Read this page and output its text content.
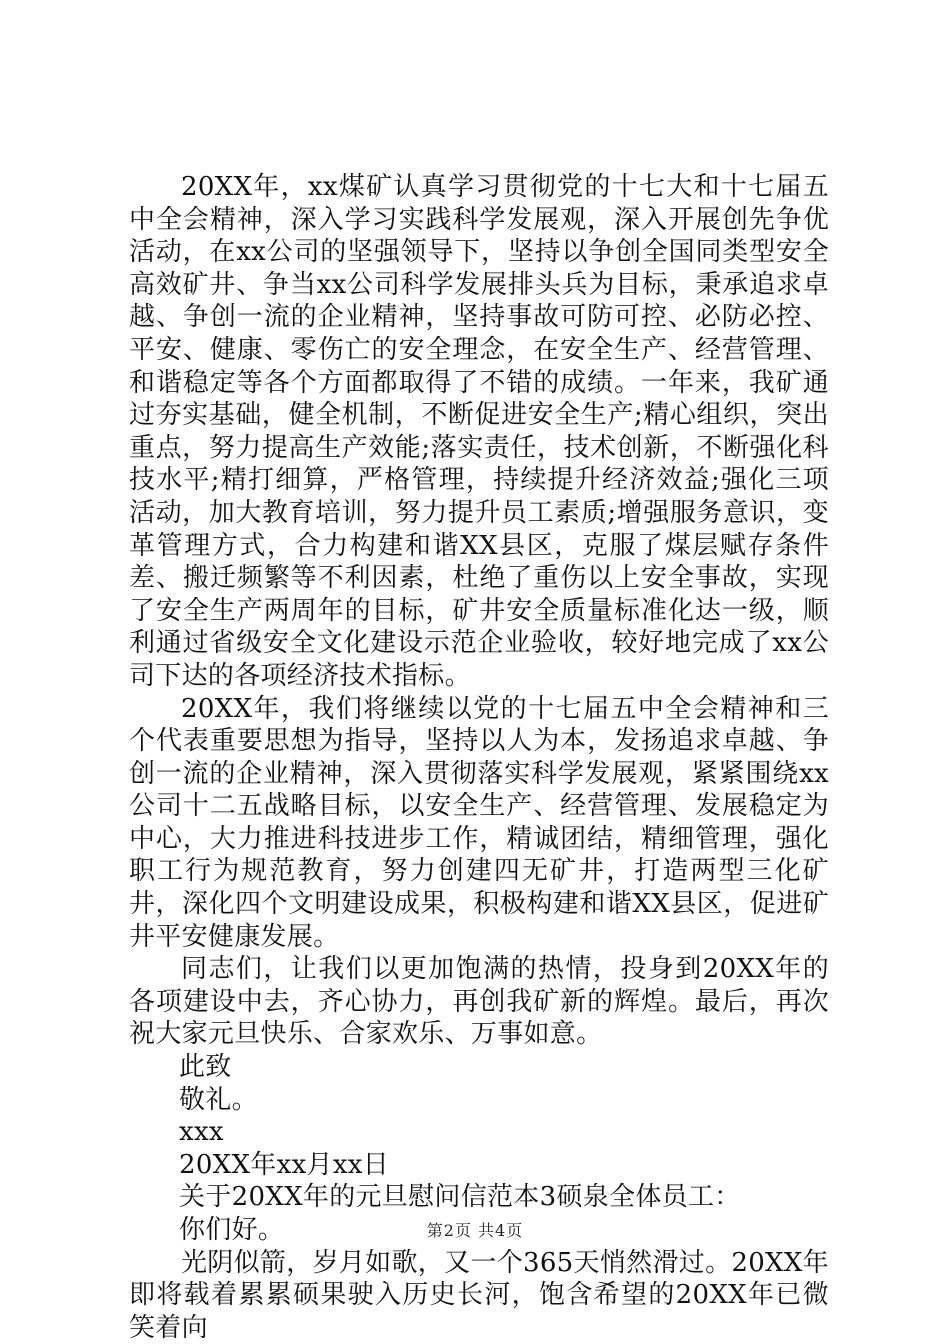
20XX年，xx煤矿认真学习贯彻党的十七大和十七届五中全会精神，深入学习实践科学发展观，深入开展创先争优活动，在xx公司的坚强领导下，坚持以争创全国同类型安全高效矿井、争当xx公司科学发展排头兵为目标，秉承追求卓越、争创一流的企业精神，坚持事故可防可控、必防必控、平安、健康、零伤亡的安全理念，在安全生产、经营管理、和谐稳定等各个方面都取得了不错的成绩。一年来，我矿通过夯实基础，健全机制，不断促进安全生产;精心组织，突出重点，努力提高生产效能;落实责任，技术创新，不断强化科技水平;精打细算，严格管理，持续提升经济效益;强化三项活动，加大教育培训，努力提升员工素质;增强服务意识，变革管理方式，合力构建和谐XX县区，克服了煤层赋存条件差、搬迁频繁等不利因素，杜绝了重伤以上安全事故，实现了安全生产两周年的目标，矿井安全质量标准化达一级，顺利通过省级安全文化建设示范企业验收，较好地完成了xx公司下达的各项经济技术指标。

20XX年，我们将继续以党的十七届五中全会精神和三个代表重要思想为指导，坚持以人为本，发扬追求卓越、争创一流的企业精神，深入贯彻落实科学发展观，紧紧围绕xx公司十二五战略目标，以安全生产、经营管理、发展稳定为中心，大力推进科技进步工作，精诚团结，精细管理，强化职工行为规范教育，努力创建四无矿井，打造两型三化矿井，深化四个文明建设成果，积极构建和谐XX县区，促进矿井平安健康发展。

同志们，让我们以更加饱满的热情，投身到20XX年的各项建设中去，齐心协力，再创我矿新的辉煌。最后，再次祝大家元旦快乐、合家欢乐、万事如意。

此致

敬礼。

xxx

20XX年xx月xx日

关于20XX年的元旦慰问信范本3硕泉全体员工：

你们好。

光阴似箭，岁月如歌，又一个365天悄然滑过。20XX年即将载着累累硕果驶入历史长河，饱含希望的20XX年已微笑着向

第2页 共4页
